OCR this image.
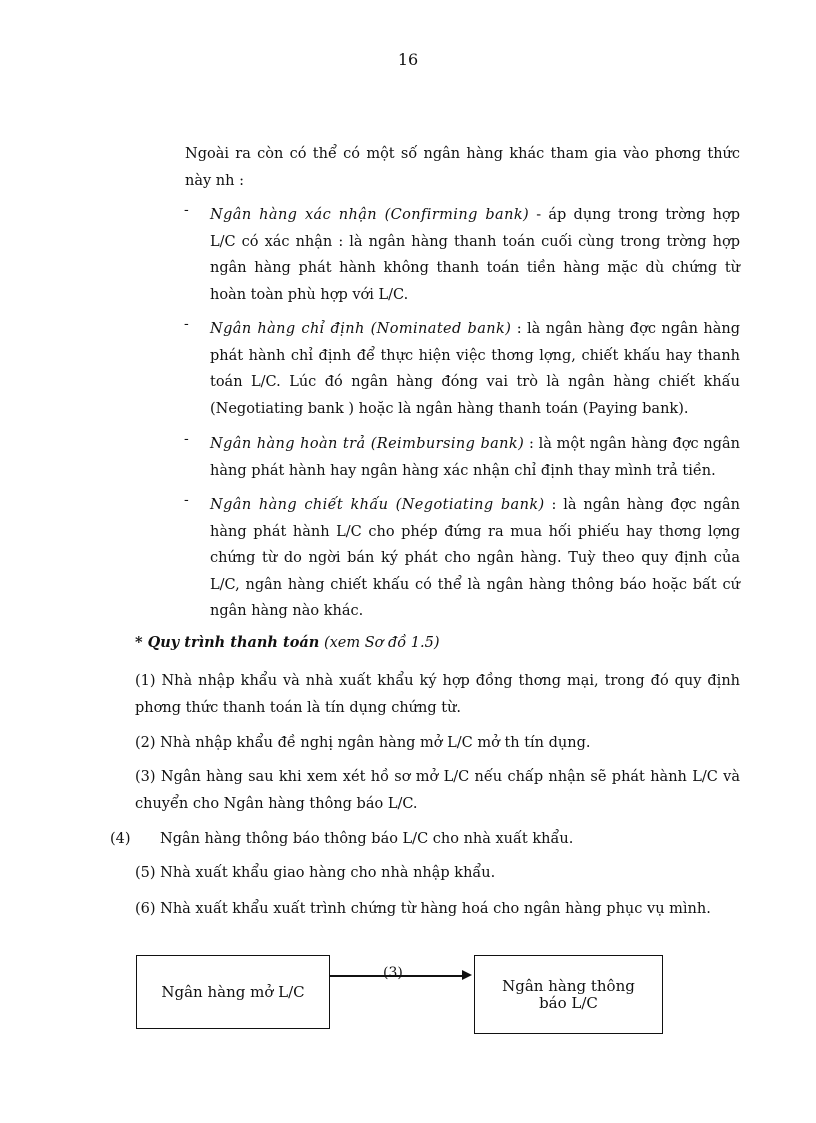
16
Ngoài ra còn có thể có một số ngân hàng khác tham gia vào phơng thức này nh :
- Ngân hàng xác nhận (Confirming bank) - áp dụng trong trờng hợp L/C có xác nhận : là ngân hàng thanh toán cuối cùng trong trờng hợp ngân hàng phát hành không thanh toán tiền hàng mặc dù chứng từ hoàn toàn phù hợp với L/C.
- Ngân hàng chỉ định (Nominated bank) : là ngân hàng đợc ngân hàng phát hành chỉ định để thực hiện việc thơng lợng, chiết khấu hay thanh toán L/C. Lúc đó ngân hàng đóng vai trò là ngân hàng chiết khấu (Negotiating bank ) hoặc là ngân hàng thanh toán (Paying bank).
- Ngân hàng hoàn trả (Reimbursing bank) : là một ngân hàng đợc ngân hàng phát hành hay ngân hàng xác nhận chỉ định thay mình trả tiền.
- Ngân hàng chiết khấu (Negotiating bank) : là ngân hàng đợc ngân hàng phát hành L/C cho phép đứng ra mua hối phiếu hay thơng lợng chứng từ do ngời bán ký phát cho ngân hàng. Tuỳ theo quy định của L/C, ngân hàng chiết khấu có thể là ngân hàng thông báo hoặc bất cứ ngân hàng nào khác.
* Quy trình thanh toán (xem Sơ đồ 1.5)
(1) Nhà nhập khẩu và nhà xuất khẩu ký hợp đồng thơng mại, trong đó quy định phơng thức thanh toán là tín dụng chứng từ.
(2) Nhà nhập khẩu đề nghị ngân hàng mở L/C mở th tín dụng.
(3) Ngân hàng sau khi xem xét hồ sơ mở L/C nếu chấp nhận sẽ phát hành L/C và chuyển cho Ngân hàng thông báo L/C.
(4) Ngân hàng thông báo thông báo L/C cho nhà xuất khẩu.
(5) Nhà xuất khẩu giao hàng cho nhà nhập khẩu.
(6) Nhà xuất khẩu xuất trình chứng từ hàng hoá cho ngân hàng phục vụ mình.
Ngân hàng mở L/C
(3)
Ngân hàng thông báo L/C
